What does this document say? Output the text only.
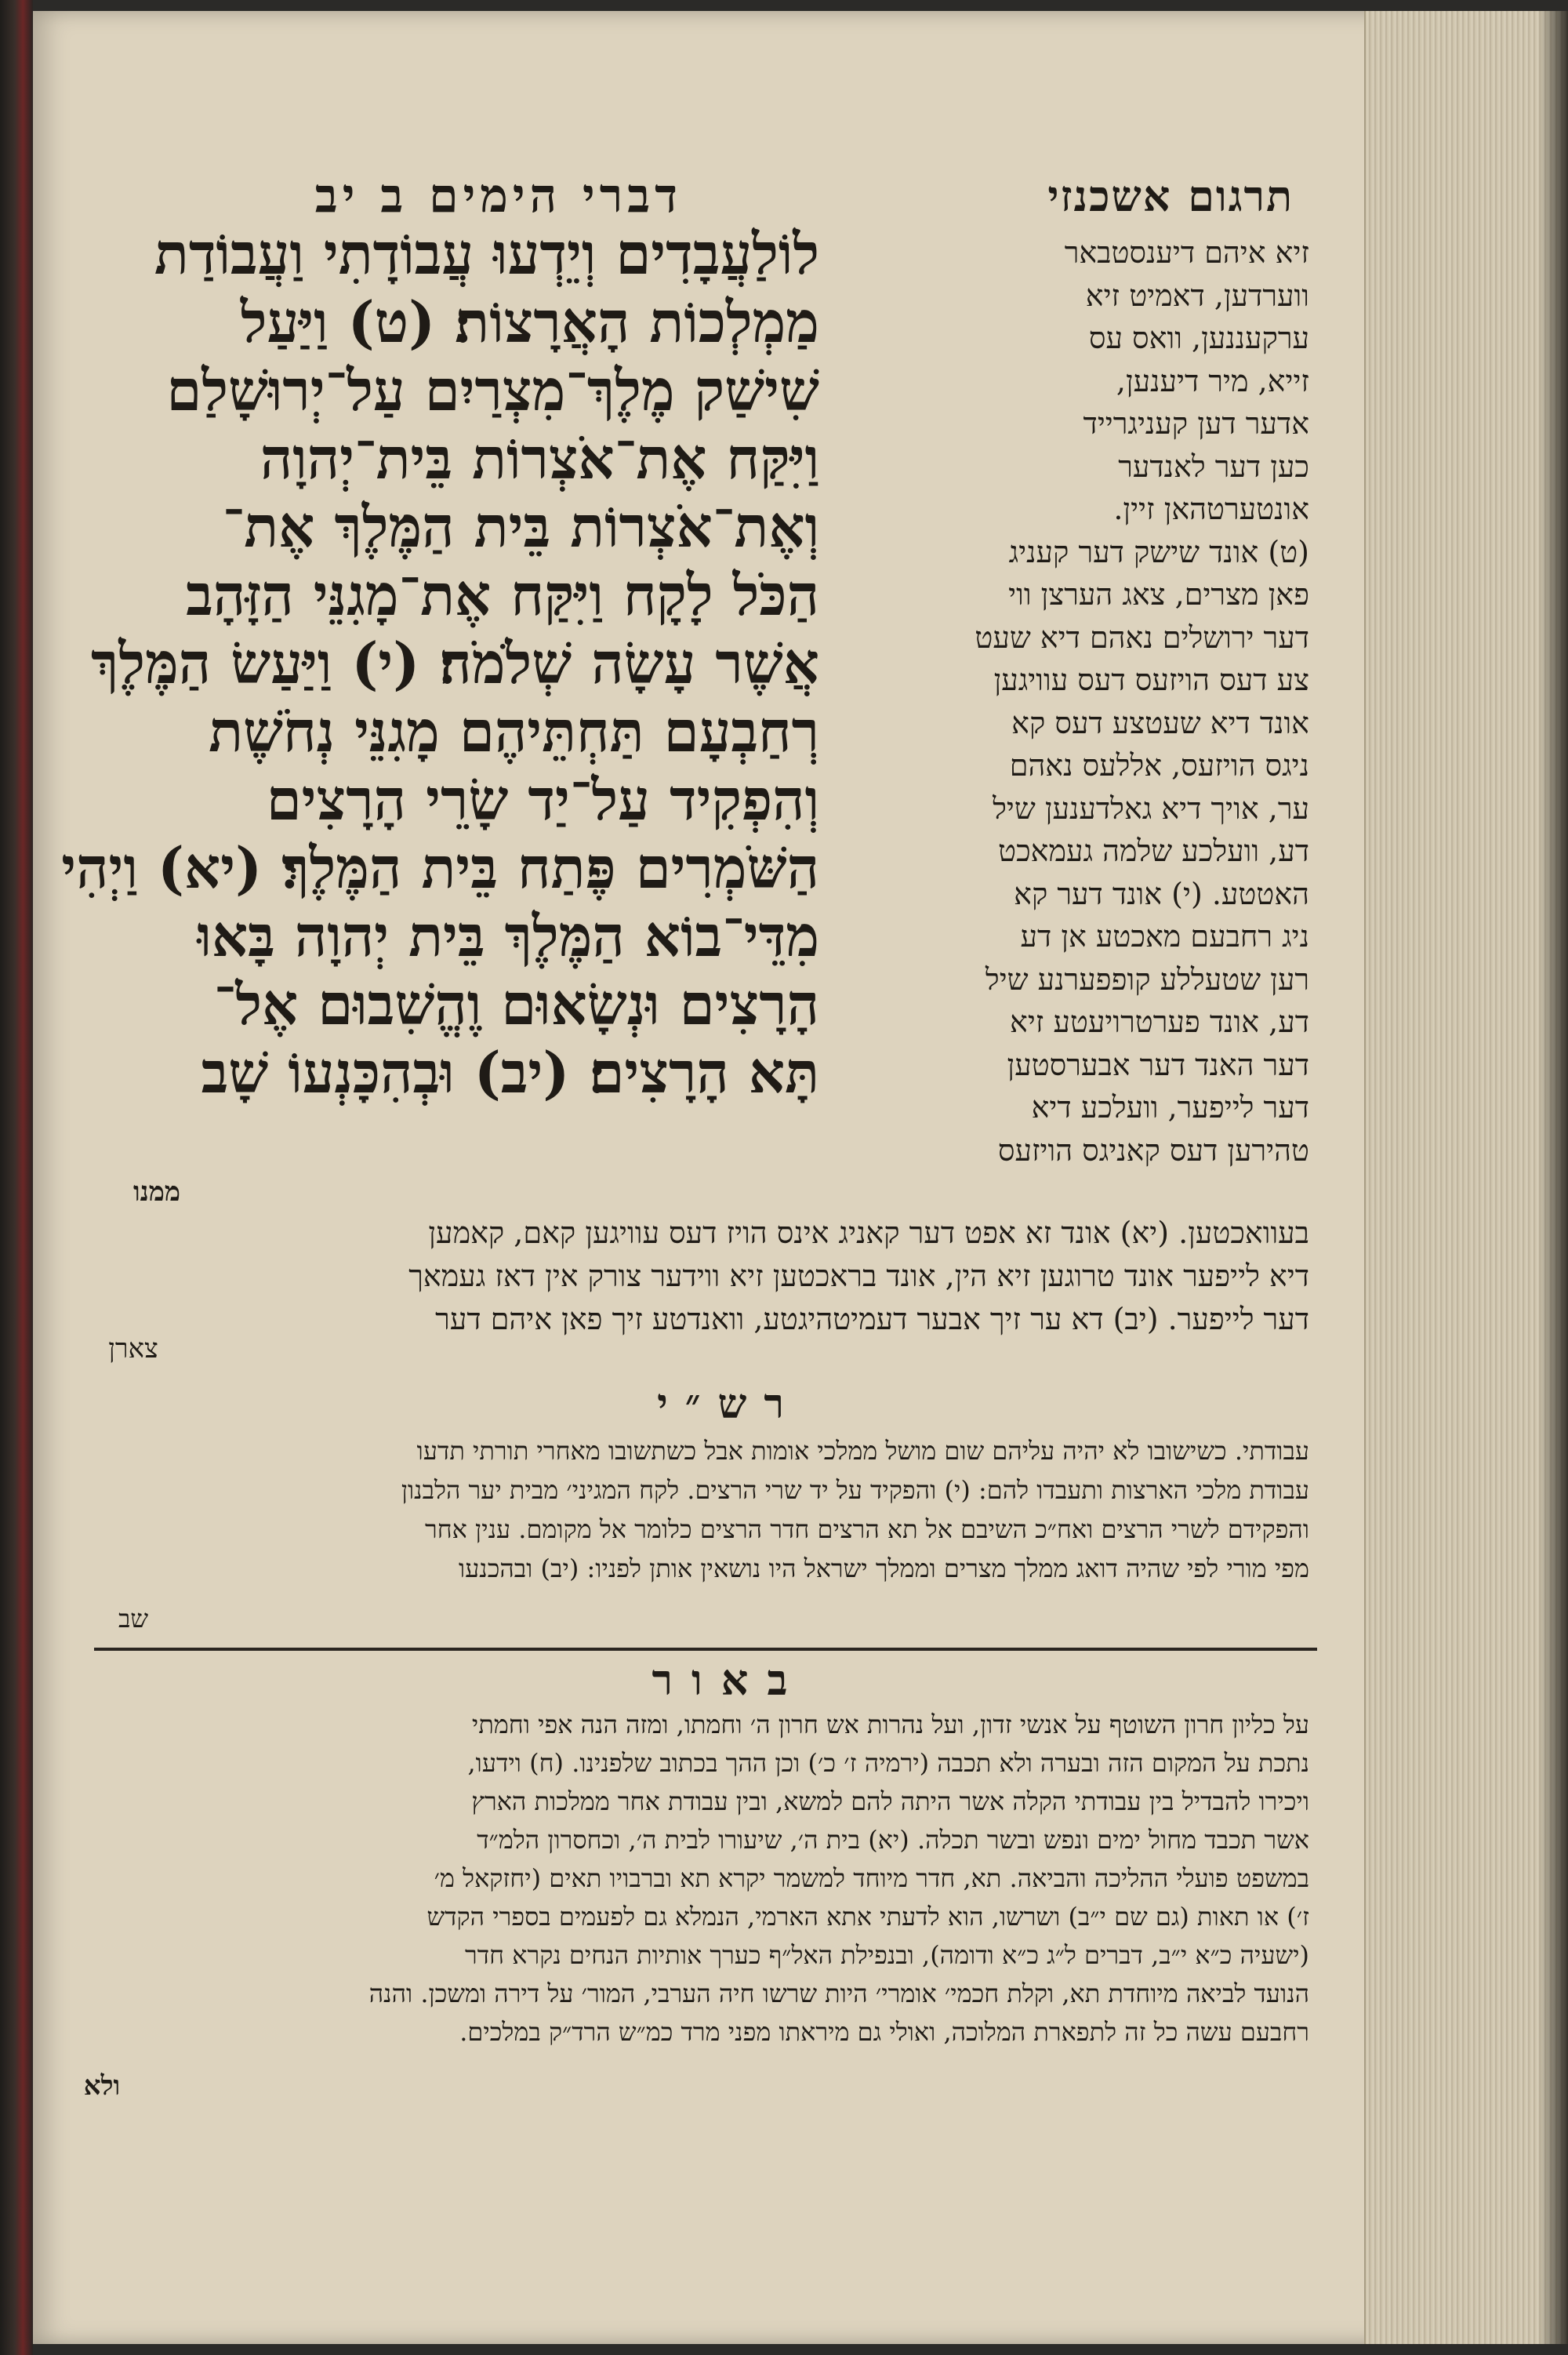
דברי הימים ב יב	תרגום אשכנזי
לוֹלַעֲבָדִים וְיֵדְעוּ עֲבוֹדָתִי וַעֲבוֹדַת
מַמְלְכוֹת הָאֲרָצוֹת׃ (ט) וַיַּעַל
שִׁישַׁק מֶלֶךְ־מִצְרַיִם עַל־יְרוּשָׁלַם
וַיִּקַּח אֶת־אֹצְרוֹת בֵּית־יְהוָה
וְאֶת־אֹצְרוֹת בֵּית הַמֶּלֶךְ אֶת־
הַכֹּל לָקָח וַיִּקַּח אֶת־מָגִנֵּי הַזָּהָב
אֲשֶׁר עָשָׂה שְׁלֹמֹה׃ (י) וַיַּעַשׂ הַמֶּלֶךְ
רְחַבְעָם תַּחְתֵּיהֶם מָגִנֵּי נְחֹשֶׁת
וְהִפְקִיד עַל־יַד שָׂרֵי הָרָצִים
הַשֹּׁמְרִים פֶּתַח בֵּית הַמֶּלֶךְ׃ (יא) וַיְהִי
מִדֵּי־בוֹא הַמֶּלֶךְ בֵּית יְהוָה בָּאוּ
הָרָצִים וּנְשָׂאוּם וֶהֱשִׁבוּם אֶל־
תָּא הָרָצִים׃ (יב) וּבְהִכָּנְעוֹ שָׁב
ממנו
זיא איהם דיענסטבאר
ווערדען, דאמיט זיא
ערקעננען, וואס עס
זייא, מיר דיענען,
אדער דען קעניגרייד
כען דער לאנדער
אונטערטהאן זיין.
(ט) אונד שישק דער קעניג
פאן מצרים, צאג הערצן ווי
דער ירושלים נאהם דיא שעט
צע דעס הויזעס דעס עוויגען
אונד דיא שעטצע דעס קא
ניגס הויזעס, אללעס נאהם
ער, אויך דיא גאלדענען שיל
דע, וועלכע שלמה געמאכט
האטטע. (י) אונד דער קא
ניג רחבעם מאכטע אן דע
רען שטעללע קופפערנע שיל
דע, אונד פערטרויעטע זיא
דער האנד דער אבערסטען
דער לייפער, וועלכע דיא
טהירען דעס קאניגס הויזעס
בעוואכטען. (יא) אונד זא אפט דער קאניג אינס הויז דעס עוויגען קאם, קאמען
דיא לייפער אונד טרוגען זיא הין, אונד בראכטען זיא ווידער צורק אין דאז געמאך
דער לייפער. (יב) דא ער זיך אבער דעמיטהיגטע, וואנדטע זיך פאן איהם דער
צארן
רש״י
עבודתי. כשישובו לא יהיה עליהם שום מושל ממלכי אומות אבל כשתשובו מאחרי תורתי תדעו
עבודת מלכי הארצות ותעבדו להם: (י) והפקיד על יד שרי הרצים. לקח המגיני׳ מבית יער הלבנון
והפקידם לשרי הרצים ואח״כ השיבם אל תא הרצים חדר הרצים כלומר אל מקומם. ענין אחר
מפי מורי לפי שהיה דואג ממלך מצרים וממלך ישראל היו נושאין אותן לפניו: (יב) ובהכנעו
שב
באור
על כליון חרון השוטף על אנשי זדון, ועל נהרות אש חרון ה׳ וחמתו, ומזה הנה אפי וחמתי
נתכת על המקום הזה ובערה ולא תכבה (ירמיה ז׳ כ׳) וכן ההך בכתוב שלפנינו. (ח) וידעו,
ויכירו להבדיל בין עבודתי הקלה אשר היתה להם למשא, ובין עבודת אחר ממלכות הארץ
אשר תכבד מחול ימים ונפש ובשר תכלה. (יא) בית ה׳, שיעורו לבית ה׳, וכחסרון הלמ״ד
במשפט פועלי ההליכה והביאה. תא, חדר מיוחד למשמר יקרא תא וברבויו תאים (יחזקאל מ׳
ז׳) או תאות (גם שם י״ב) ושרשו, הוא לדעתי אתא הארמי, הנמלא גם לפעמים בספרי הקדש
(ישעיה כ״א י״ב, דברים ל״ג כ״א ודומה), ובנפילת האל״ף כערך אותיות הנחים נקרא חדר
הנועד לביאה מיוחדת תא, וקלת חכמי׳ אומרי׳ היות שרשו חיה הערבי, המור׳ על דירה ומשכן. והנה
רחבעם עשה כל זה לתפארת המלוכה, ואולי גם מיראתו מפני מרד כמ״ש הרד״ק במלכים.
ולא
